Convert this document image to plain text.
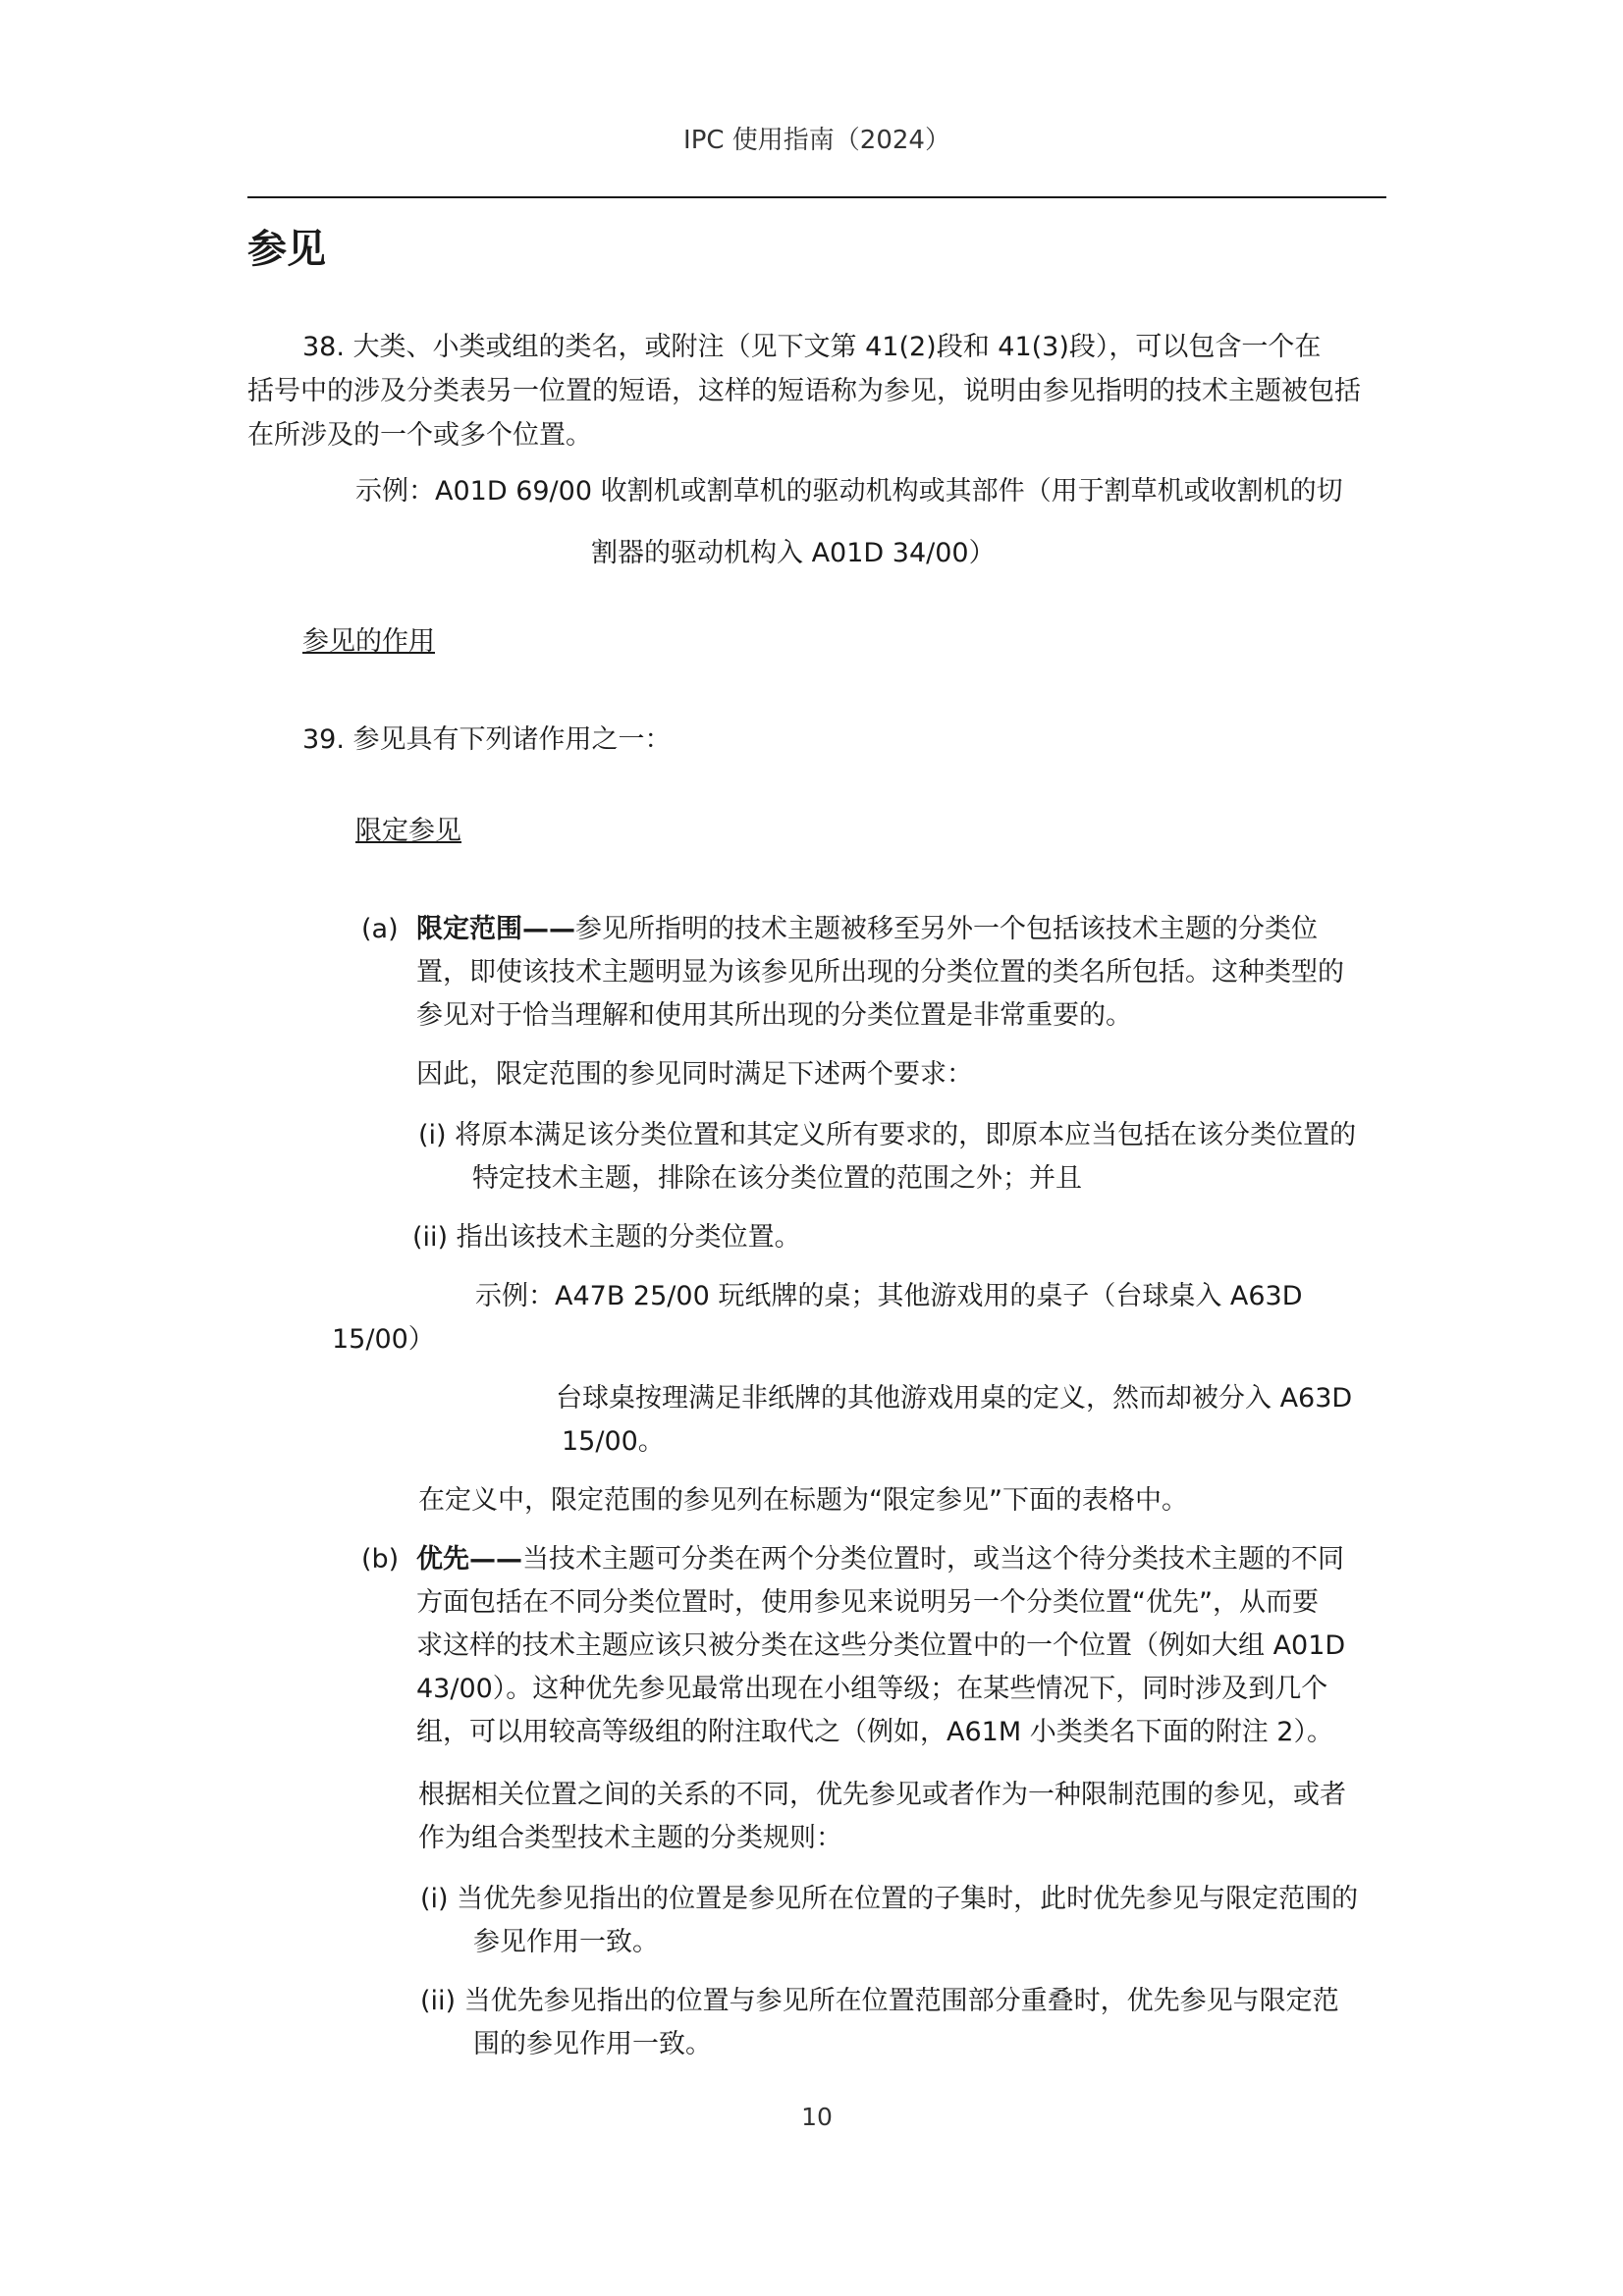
IPC 使用指南（2024）
参见
38. 大类、小类或组的类名，或附注（见下文第 41(2)段和 41(3)段），可以包含一个在
括号中的涉及分类表另一位置的短语，这样的短语称为参见，说明由参见指明的技术主题被包括
在所涉及的一个或多个位置。
示例：A01D 69/00 收割机或割草机的驱动机构或其部件（用于割草机或收割机的切
割器的驱动机构入 A01D 34/00）
参见的作用
39. 参见具有下列诸作用之一：
限定参见
(a) 限定范围——参见所指明的技术主题被移至另外一个包括该技术主题的分类位
置，即使该技术主题明显为该参见所出现的分类位置的类名所包括。这种类型的
参见对于恰当理解和使用其所出现的分类位置是非常重要的。
因此，限定范围的参见同时满足下述两个要求：
(i) 将原本满足该分类位置和其定义所有要求的，即原本应当包括在该分类位置的
特定技术主题，排除在该分类位置的范围之外；并且
(ii) 指出该技术主题的分类位置。
示例：A47B 25/00 玩纸牌的桌；其他游戏用的桌子（台球桌入 A63D
15/00）
台球桌按理满足非纸牌的其他游戏用桌的定义，然而却被分入 A63D
15/00。
在定义中，限定范围的参见列在标题为“限定参见”下面的表格中。
(b) 优先——当技术主题可分类在两个分类位置时，或当这个待分类技术主题的不同
方面包括在不同分类位置时，使用参见来说明另一个分类位置“优先”，从而要
求这样的技术主题应该只被分类在这些分类位置中的一个位置（例如大组 A01D
43/00）。这种优先参见最常出现在小组等级；在某些情况下，同时涉及到几个
组，可以用较高等级组的附注取代之（例如，A61M 小类类名下面的附注 2）。
根据相关位置之间的关系的不同，优先参见或者作为一种限制范围的参见，或者
作为组合类型技术主题的分类规则：
(i) 当优先参见指出的位置是参见所在位置的子集时，此时优先参见与限定范围的
参见作用一致。
(ii) 当优先参见指出的位置与参见所在位置范围部分重叠时，优先参见与限定范
围的参见作用一致。
10
